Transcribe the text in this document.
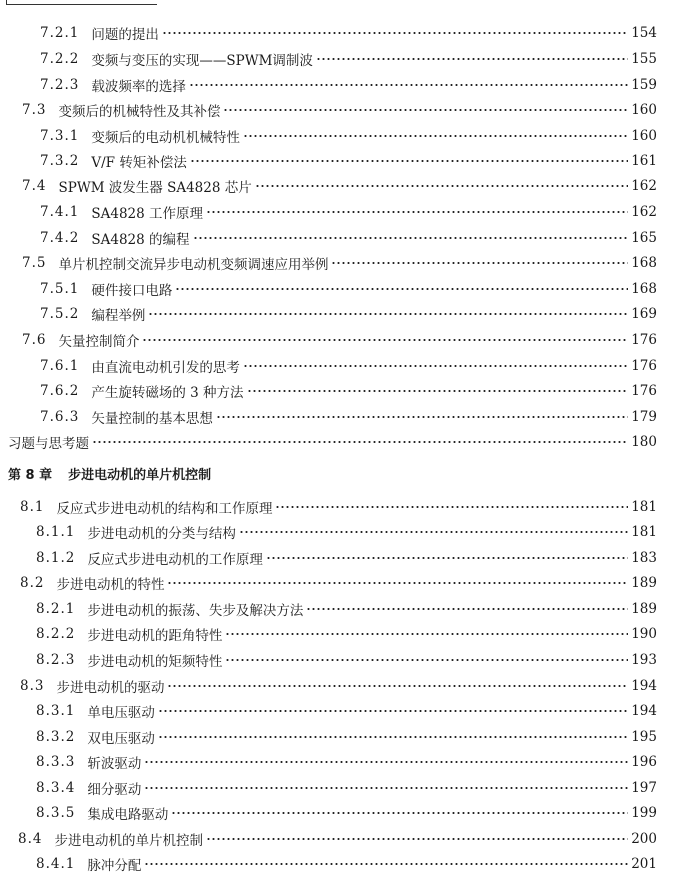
7.2.1 问题的提出	154
7.2.2 变频与变压的实现——SPWM调制波	155
7.2.3 载波频率的选择	159
7.3 变频后的机械特性及其补偿	160
7.3.1 变频后的电动机机械特性	160
7.3.2 V/F 转矩补偿法	161
7.4 SPWM 波发生器 SA4828 芯片	162
7.4.1 SA4828 工作原理	162
7.4.2 SA4828 的编程	165
7.5 单片机控制交流异步电动机变频调速应用举例	168
7.5.1 硬件接口电路	168
7.5.2 编程举例	169
7.6 矢量控制简介	176
7.6.1 由直流电动机引发的思考	176
7.6.2 产生旋转磁场的 3 种方法	176
7.6.3 矢量控制的基本思想	179
习题与思考题	180
第 8 章 步进电动机的单片机控制
8.1 反应式步进电动机的结构和工作原理	181
8.1.1 步进电动机的分类与结构	181
8.1.2 反应式步进电动机的工作原理	183
8.2 步进电动机的特性	189
8.2.1 步进电动机的振荡、失步及解决方法	189
8.2.2 步进电动机的距角特性	190
8.2.3 步进电动机的矩频特性	193
8.3 步进电动机的驱动	194
8.3.1 单电压驱动	194
8.3.2 双电压驱动	195
8.3.3 斩波驱动	196
8.3.4 细分驱动	197
8.3.5 集成电路驱动	199
8.4 步进电动机的单片机控制	200
8.4.1 脉冲分配	201
